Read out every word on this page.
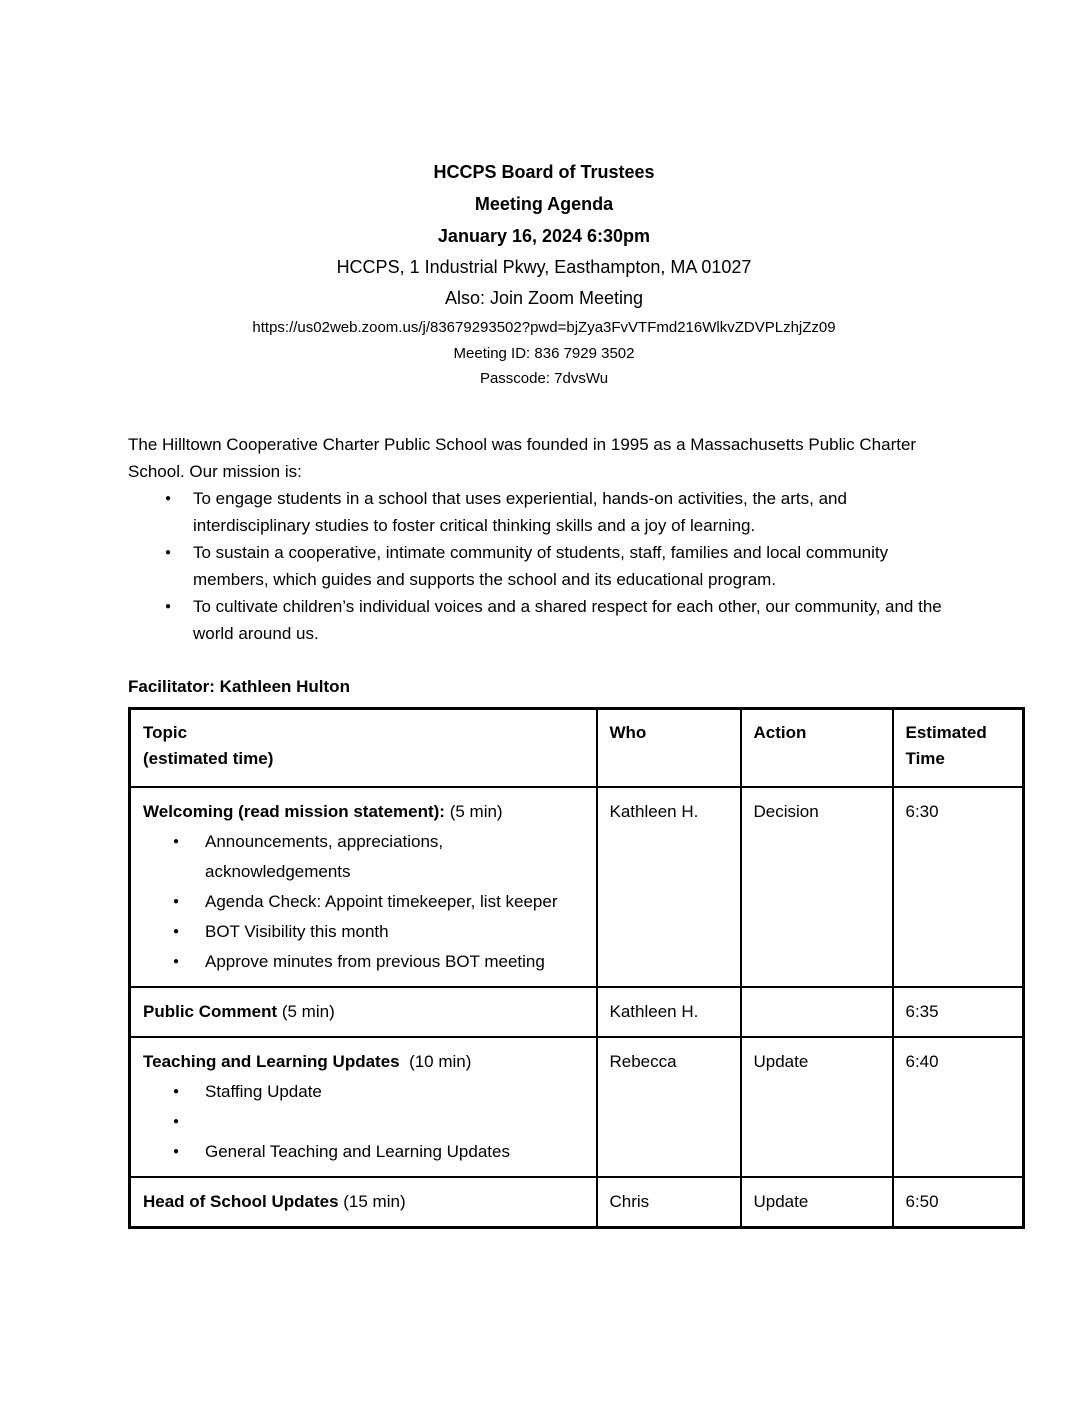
HCCPS Board of Trustees
Meeting Agenda
January 16, 2024 6:30pm
HCCPS, 1 Industrial Pkwy, Easthampton, MA 01027
Also: Join Zoom Meeting
https://us02web.zoom.us/j/83679293502?pwd=bjZya3FvVTFmd216WlkvZDVPLzhjZz09
Meeting ID: 836 7929 3502
Passcode: 7dvsWu

The Hilltown Cooperative Charter Public School was founded in 1995 as a Massachusetts Public Charter School. Our mission is:

● To engage students in a school that uses experiential, hands-on activities, the arts, and interdisciplinary studies to foster critical thinking skills and a joy of learning.
● To sustain a cooperative, intimate community of students, staff, families and local community members, which guides and supports the school and its educational program.
● To cultivate children’s individual voices and a shared respect for each other, our community, and the world around us.
Facilitator: Kathleen Hulton
Topic
(estimated time)	Who	Action	Estimated Time

Welcoming (read mission statement): (5 min)
● Announcements, appreciations, acknowledgements
● Agenda Check: Appoint timekeeper, list keeper
● BOT Visibility this month
● Approve minutes from previous BOT meeting	Kathleen H.	Decision	6:30

Public Comment (5 min)	Kathleen H.		6:35

Teaching and Learning Updates  (10 min)
● Staffing Update
●
● General Teaching and Learning Updates	Rebecca	Update	6:40

Head of School Updates (15 min)	Chris	Update	6:50
